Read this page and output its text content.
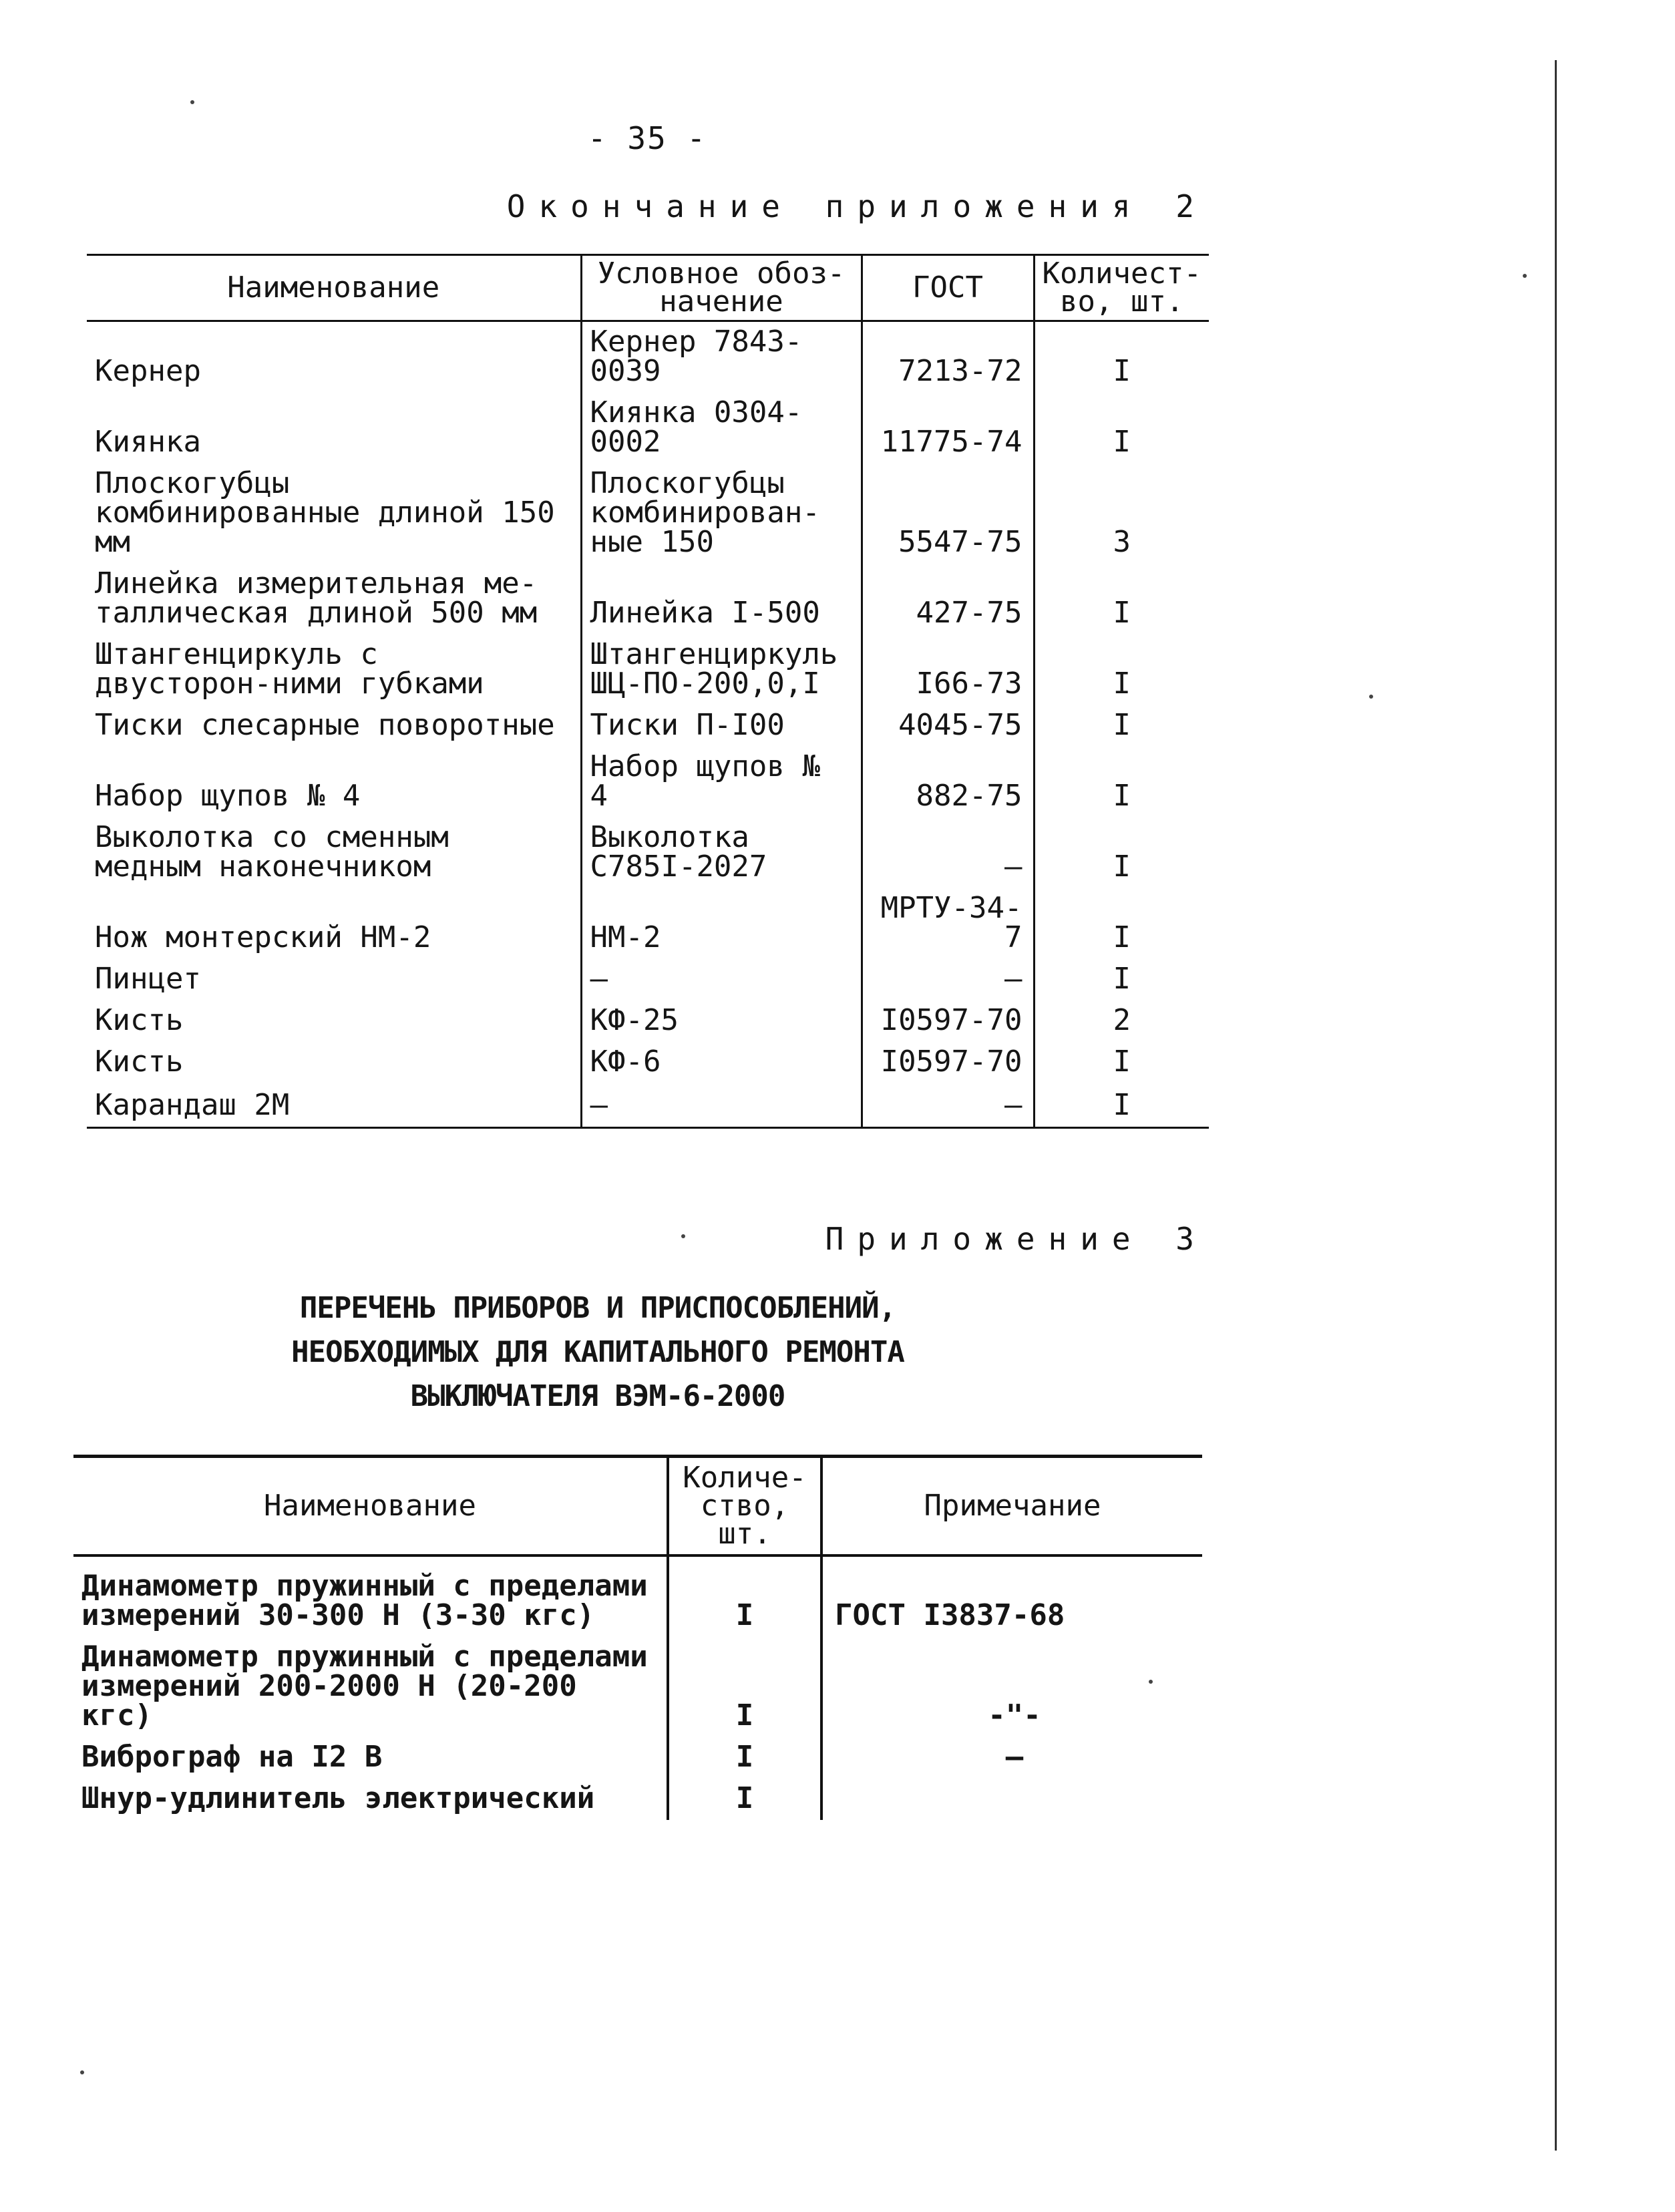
- 35 -
Окончание приложения 2
Наименование	Условное обоз-начение	ГОСТ	Количест-во, шт.
Кернер	Кернер 7843-0039	7213-72	I
Киянка	Киянка 0304-0002	11775-74	I
Плоскогубцы комбинированные длиной 150 мм	Плоскогубцы комбинирован-ные 150	5547-75	3
Линейка измерительная ме-таллическая длиной 500 мм	Линейка I-500	427-75	I
Штангенциркуль с двусторон-ними губками	Штангенциркуль ШЦ-ПО-200,0,I	I66-73	I
Тиски слесарные поворотные	Тиски П-I00	4045-75	I
Набор щупов № 4	Набор щупов № 4	882-75	I
Выколотка со сменным медным наконечником	Выколотка С785I-2027	–	I
Нож монтерский НМ-2	НМ-2	МРТУ-34-7	I
Пинцет	–	–	I
Кисть	КФ-25	I0597-70	2
Кисть	КФ-6	I0597-70	I
Карандаш 2М	–	–	I
Приложение 3
ПЕРЕЧЕНЬ ПРИБОРОВ И ПРИСПОСОБЛЕНИЙ,
НЕОБХОДИМЫХ ДЛЯ КАПИТАЛЬНОГО РЕМОНТА
ВЫКЛЮЧАТЕЛЯ ВЭМ-6-2000
Наименование	Количе-ство, шт.	Примечание
Динамометр пружинный с пределами измерений 30-300 Н (3-30 кгс)	I	ГОСТ I3837-68
Динамометр пружинный с пределами измерений 200-2000 Н (20-200 кгс)	I	-"-
Виброграф на I2 В	I	–
Шнур-удлинитель электрический	I	
